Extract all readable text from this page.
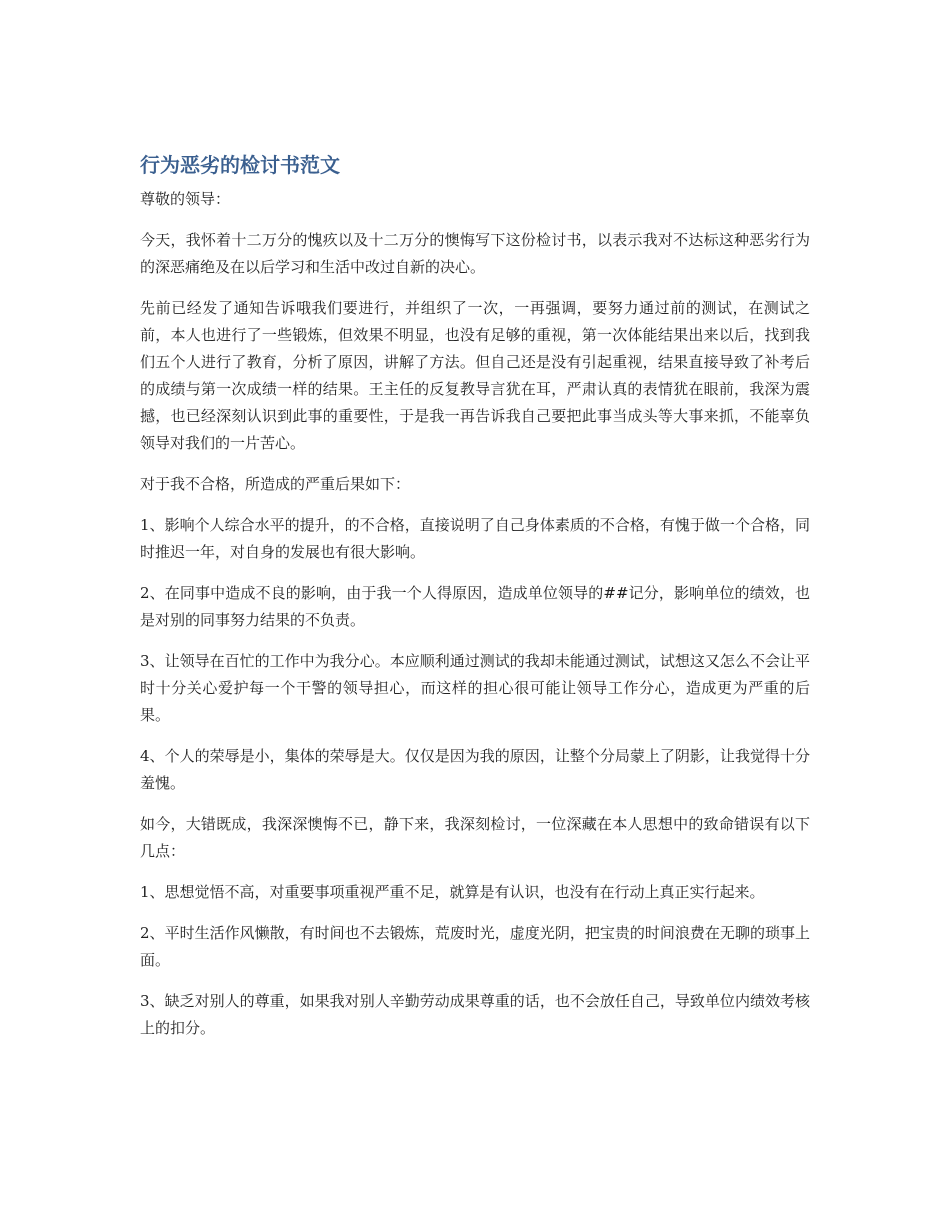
行为恶劣的检讨书范文

尊敬的领导：

今天，我怀着十二万分的愧疚以及十二万分的懊悔写下这份检讨书，以表示我对不达标这种恶劣行为的深恶痛绝及在以后学习和生活中改过自新的决心。

先前已经发了通知告诉哦我们要进行，并组织了一次，一再强调，要努力通过前的测试，在测试之前，本人也进行了一些锻炼，但效果不明显，也没有足够的重视，第一次体能结果出来以后，找到我们五个人进行了教育，分析了原因，讲解了方法。但自己还是没有引起重视，结果直接导致了补考后的成绩与第一次成绩一样的结果。王主任的反复教导言犹在耳，严肃认真的表情犹在眼前，我深为震撼，也已经深刻认识到此事的重要性，于是我一再告诉我自己要把此事当成头等大事来抓，不能辜负领导对我们的一片苦心。

对于我不合格，所造成的严重后果如下：

1、影响个人综合水平的提升，的不合格，直接说明了自己身体素质的不合格，有愧于做一个合格，同时推迟一年，对自身的发展也有很大影响。

2、在同事中造成不良的影响，由于我一个人得原因，造成单位领导的##记分，影响单位的绩效，也是对别的同事努力结果的不负责。

3、让领导在百忙的工作中为我分心。本应顺利通过测试的我却未能通过测试，试想这又怎么不会让平时十分关心爱护每一个干警的领导担心，而这样的担心很可能让领导工作分心，造成更为严重的后果。

4、个人的荣辱是小，集体的荣辱是大。仅仅是因为我的原因，让整个分局蒙上了阴影，让我觉得十分羞愧。

如今，大错既成，我深深懊悔不已，静下来，我深刻检讨，一位深藏在本人思想中的致命错误有以下几点：

1、思想觉悟不高，对重要事项重视严重不足，就算是有认识，也没有在行动上真正实行起来。

2、平时生活作风懒散，有时间也不去锻炼，荒废时光，虚度光阴，把宝贵的时间浪费在无聊的琐事上面。

3、缺乏对别人的尊重，如果我对别人辛勤劳动成果尊重的话，也不会放任自己，导致单位内绩效考核上的扣分。
